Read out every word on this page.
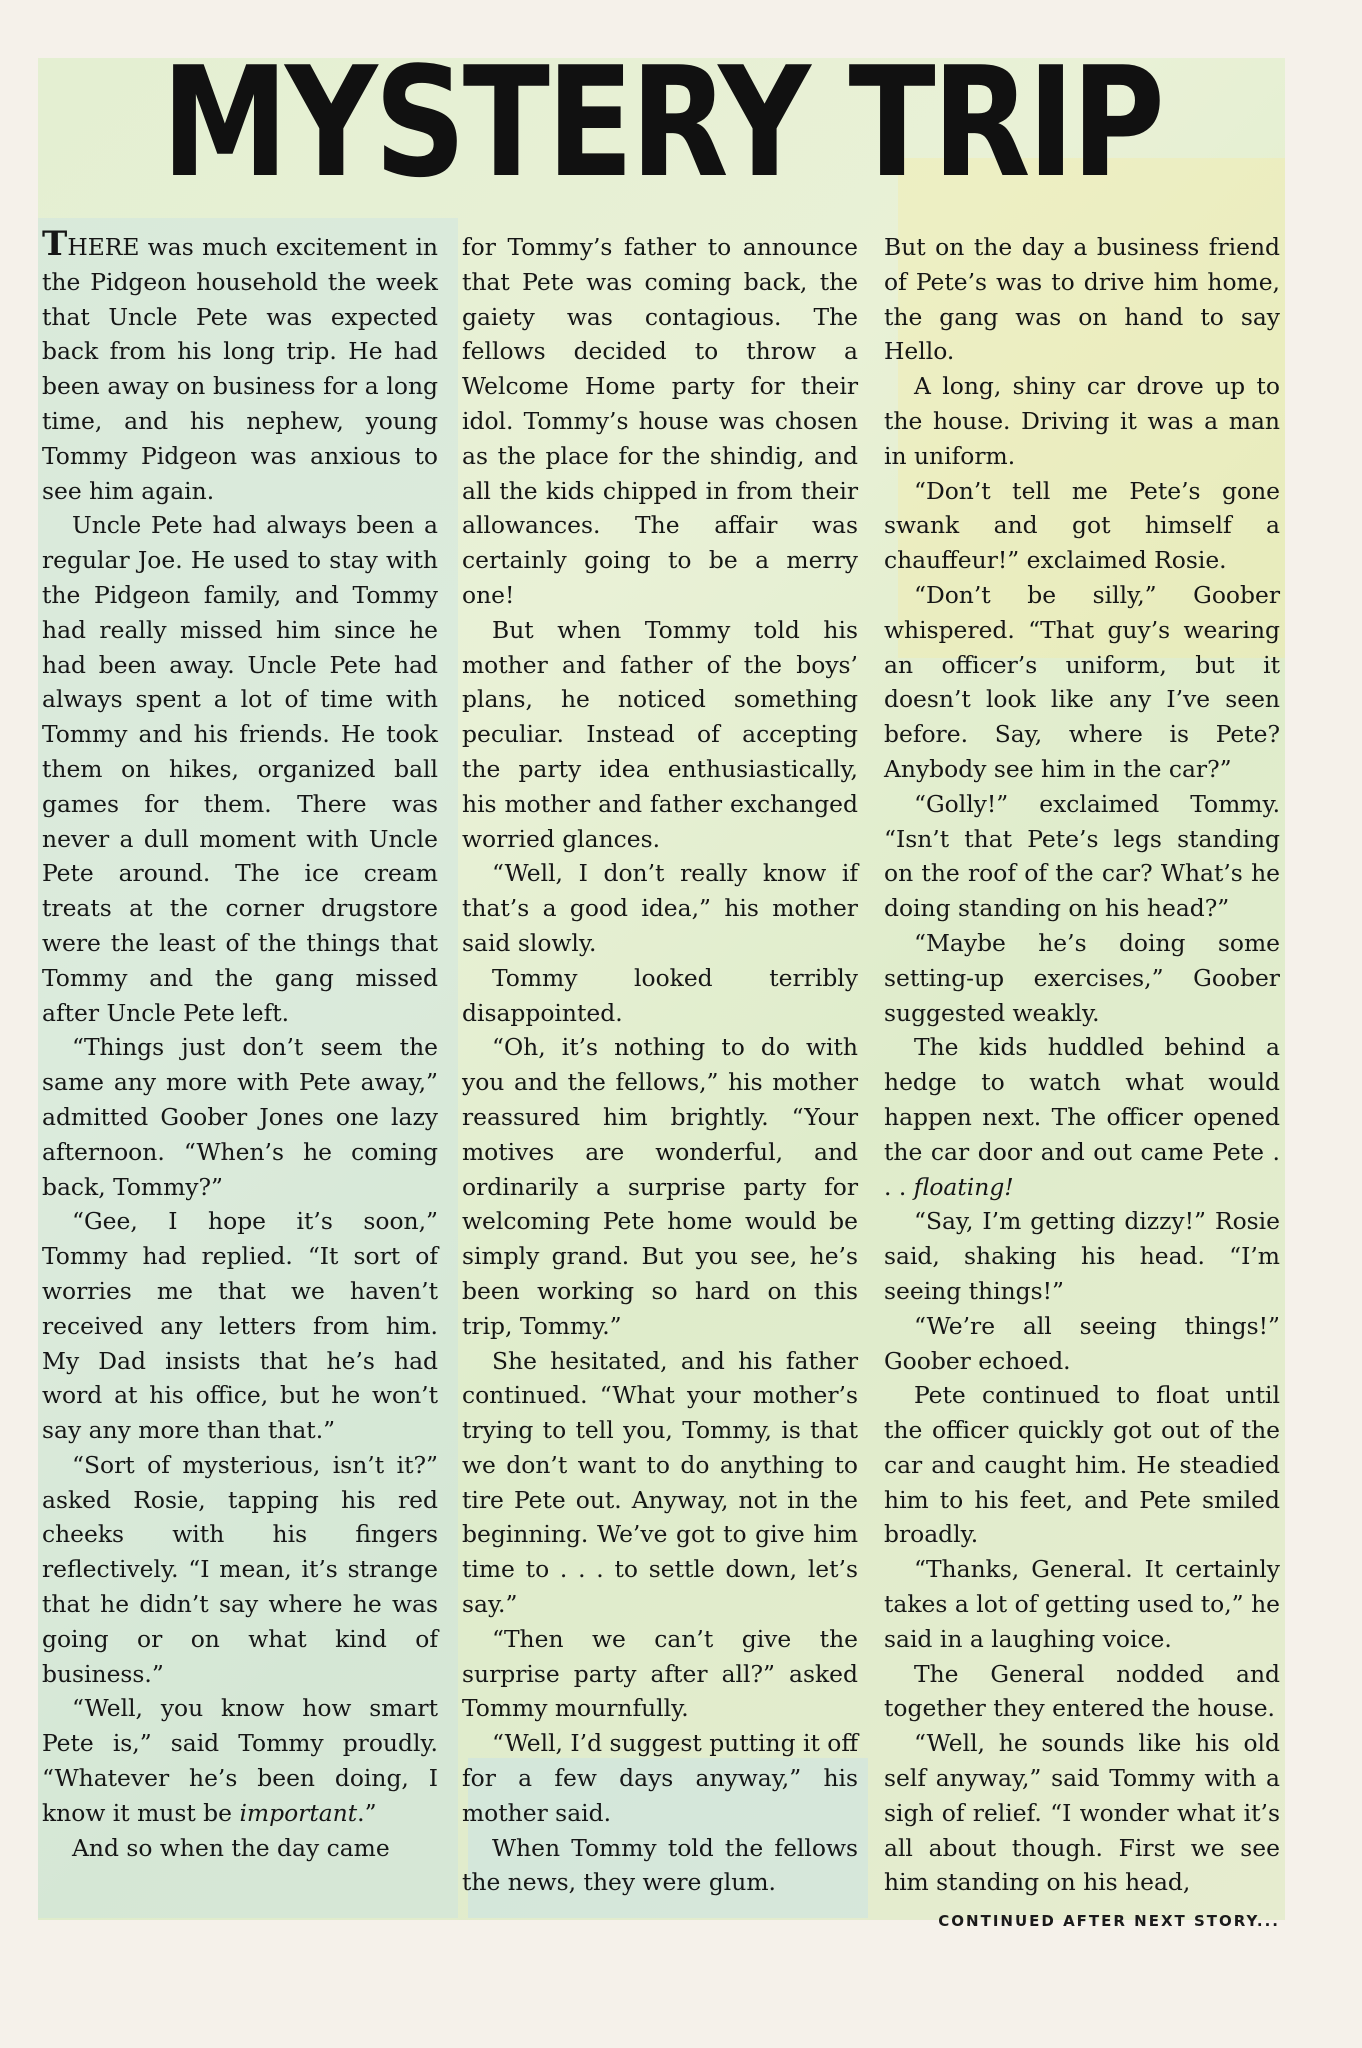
MYSTERY TRIP

THERE was much excitement in the Pidgeon household the week that Uncle Pete was expected back from his long trip. He had been away on business for a long time, and his nephew, young Tommy Pidgeon was anxious to see him again.

Uncle Pete had always been a regular Joe. He used to stay with the Pidgeon family, and Tommy had really missed him since he had been away. Uncle Pete had always spent a lot of time with Tommy and his friends. He took them on hikes, organized ball games for them. There was never a dull moment with Uncle Pete around. The ice cream treats at the corner drugstore were the least of the things that Tommy and the gang missed after Uncle Pete left.

“Things just don’t seem the same any more with Pete away,” admitted Goober Jones one lazy afternoon. “When’s he coming back, Tommy?”

“Gee, I hope it’s soon,” Tommy had replied. “It sort of worries me that we haven’t received any letters from him. My Dad insists that he’s had word at his office, but he won’t say any more than that.”

“Sort of mysterious, isn’t it?” asked Rosie, tapping his red cheeks with his fingers reflectively. “I mean, it’s strange that he didn’t say where he was going or on what kind of business.”

“Well, you know how smart Pete is,” said Tommy proudly. “Whatever he’s been doing, I know it must be important.”

And so when the day came

for Tommy’s father to announce that Pete was coming back, the gaiety was contagious. The fellows decided to throw a Welcome Home party for their idol. Tommy’s house was chosen as the place for the shindig, and all the kids chipped in from their allowances. The affair was certainly going to be a merry one!

But when Tommy told his mother and father of the boys’ plans, he noticed something peculiar. Instead of accepting the party idea enthusiastically, his mother and father exchanged worried glances.

“Well, I don’t really know if that’s a good idea,” his mother said slowly.

Tommy looked terribly disappointed.

“Oh, it’s nothing to do with you and the fellows,” his mother reassured him brightly. “Your motives are wonderful, and ordinarily a surprise party for welcoming Pete home would be simply grand. But you see, he’s been working so hard on this trip, Tommy.”

She hesitated, and his father continued. “What your mother’s trying to tell you, Tommy, is that we don’t want to do anything to tire Pete out. Anyway, not in the beginning. We’ve got to give him time to . . . to settle down, let’s say.”

“Then we can’t give the surprise party after all?” asked Tommy mournfully.

“Well, I’d suggest putting it off for a few days anyway,” his mother said.

When Tommy told the fellows the news, they were glum.

But on the day a business friend of Pete’s was to drive him home, the gang was on hand to say Hello.

A long, shiny car drove up to the house. Driving it was a man in uniform.

“Don’t tell me Pete’s gone swank and got himself a chauffeur!” exclaimed Rosie.

“Don’t be silly,” Goober whispered. “That guy’s wearing an officer’s uniform, but it doesn’t look like any I’ve seen before. Say, where is Pete? Anybody see him in the car?”

“Golly!” exclaimed Tommy. “Isn’t that Pete’s legs standing on the roof of the car? What’s he doing standing on his head?”

“Maybe he’s doing some setting-up exercises,” Goober suggested weakly.

The kids huddled behind a hedge to watch what would happen next. The officer opened the car door and out came Pete . . . floating!

“Say, I’m getting dizzy!” Rosie said, shaking his head. “I’m seeing things!”

“We’re all seeing things!” Goober echoed.

Pete continued to float until the officer quickly got out of the car and caught him. He steadied him to his feet, and Pete smiled broadly.

“Thanks, General. It certainly takes a lot of getting used to,” he said in a laughing voice.

The General nodded and together they entered the house.

“Well, he sounds like his old self anyway,” said Tommy with a sigh of relief. “I wonder what it’s all about though. First we see him standing on his head,

CONTINUED AFTER NEXT STORY...
